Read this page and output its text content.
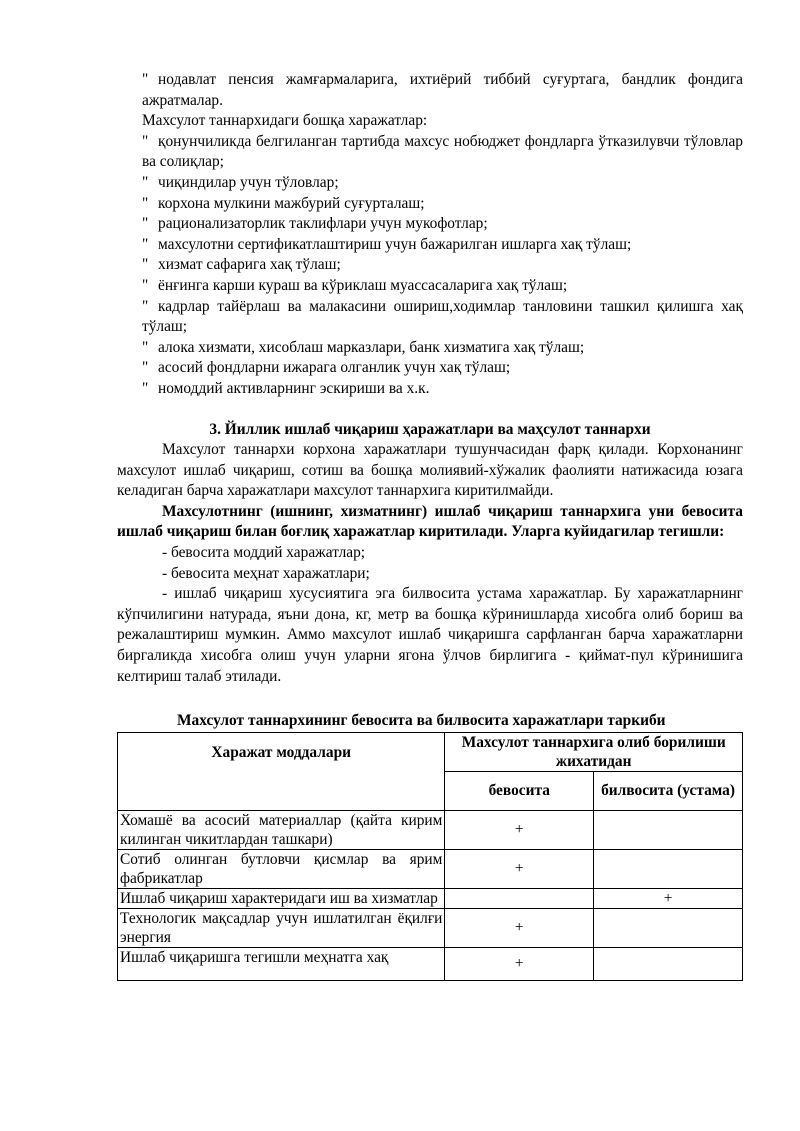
" нодавлат пенсия жамғармаларига, ихтиёрий тиббий суғуртага, бандлик фондига ажратмалар.

Махсулот таннархидаги бошқа харажатлар:

" қонунчиликда белгиланган тартибда махсус нобюджет фондларга ўтказилувчи тўловлар ва солиқлар;

" чиқиндилар учун тўловлар;

" корхона мулкини мажбурий суғурталаш;

" рационализаторлик таклифлари учун мукофотлар;

" махсулотни сертификатлаштириш учун бажарилган ишларга хақ тўлаш;

" хизмат сафарига хақ тўлаш;

" ёнғинга карши кураш ва кўриклаш муассасаларига хақ тўлаш;

" кадрлар тайёрлаш ва малакасини ошириш,ходимлар танловини ташкил қилишга хақ тўлаш;

" алока хизмати, хисоблаш марказлари, банк хизматига хақ тўлаш;

" асосий фондларни ижарага олганлик учун хақ тўлаш;

" номоддий активларнинг эскириши ва х.к.

3. Йиллик ишлаб чиқариш ҳаражатлари ва маҳсулот таннархи

Махсулот таннархи корхона харажатлари тушунчасидан фарқ қилади. Корхонанинг махсулот ишлаб чиқариш, сотиш ва бошқа молиявий-хўжалик фаолияти натижасида юзага келадиган барча харажатлари махсулот таннархига киритилмайди.

Махсулотнинг (ишнинг, хизматнинг) ишлаб чиқариш таннархига уни бевосита ишлаб чиқариш билан боғлиқ харажатлар киритилади. Уларга куйидагилар тегишли:

- бевосита моддий харажатлар;

- бевосита меҳнат харажатлари;

- ишлаб чиқариш хусусиятига эга билвосита устама харажатлар. Бу харажатларнинг кўпчилигини натурада, яъни дона, кг, метр ва бошқа кўринишларда хисобга олиб бориш ва режалаштириш мумкин. Аммо махсулот ишлаб чиқаришга сарфланган барча харажатларни биргаликда хисобга олиш учун уларни ягона ўлчов бирлигига - қиймат-пул кўринишига келтириш талаб этилади.

Махсулот таннархининг бевосита ва билвосита харажатлари таркиби

Харажат моддалари	Махсулот таннархига олиб борилиши жихатидан	
	бевосита	билвосита (устама)
Хомашё ва асосий материаллар (қайта кирим килинган чикитлардан ташкари)	+	
Сотиб олинган бутловчи қисмлар ва ярим фабрикатлар	+	
Ишлаб чиқариш характеридаги иш ва хизматлар		+
Технологик мақсадлар учун ишлатилган ёқилғи энергия	+	
Ишлаб чиқаришга тегишли меҳнатга хақ	+	
